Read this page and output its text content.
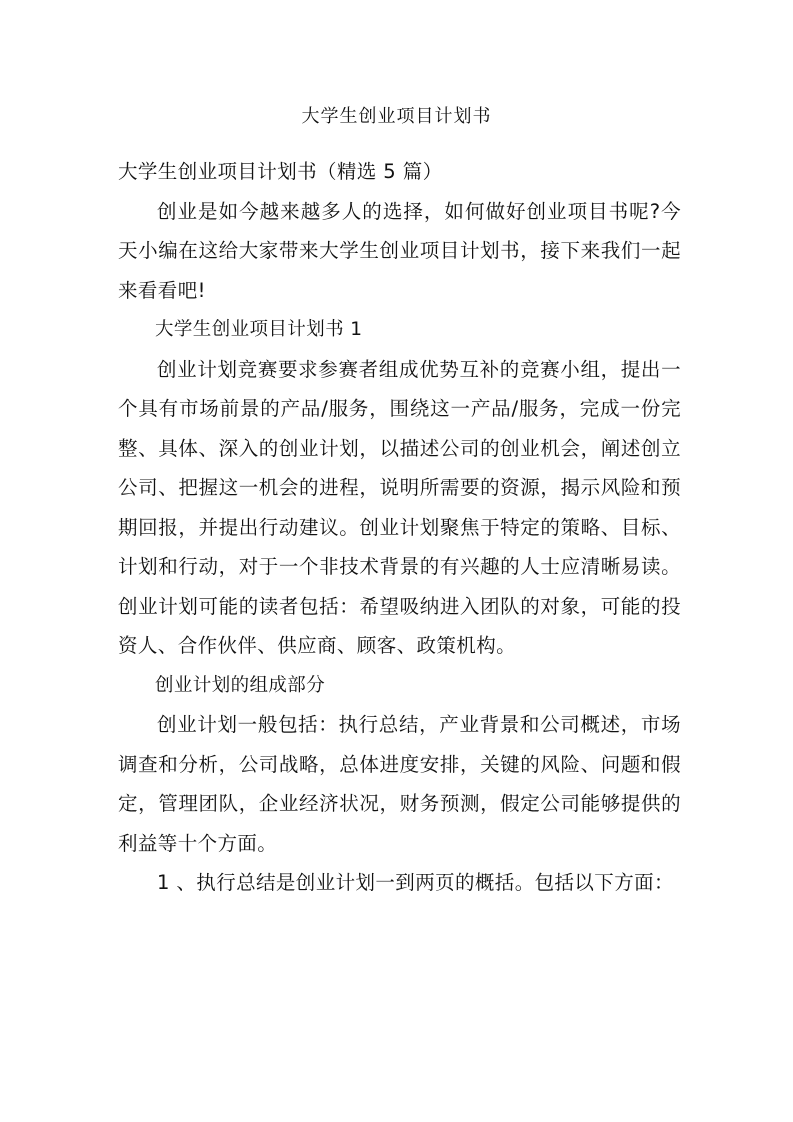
大学生创业项目计划书

大学生创业项目计划书（精选 5 篇）

创业是如今越来越多人的选择，如何做好创业项目书呢?今天小编在这给大家带来大学生创业项目计划书，接下来我们一起来看看吧!

大学生创业项目计划书 1

创业计划竞赛要求参赛者组成优势互补的竞赛小组，提出一个具有市场前景的产品/服务，围绕这一产品/服务，完成一份完整、具体、深入的创业计划，以描述公司的创业机会，阐述创立公司、把握这一机会的进程，说明所需要的资源，揭示风险和预期回报，并提出行动建议。创业计划聚焦于特定的策略、目标、计划和行动，对于一个非技术背景的有兴趣的人士应清晰易读。创业计划可能的读者包括：希望吸纳进入团队的对象，可能的投资人、合作伙伴、供应商、顾客、政策机构。

创业计划的组成部分

创业计划一般包括：执行总结，产业背景和公司概述，市场调查和分析，公司战略，总体进度安排，关键的风险、问题和假定，管理团队，企业经济状况，财务预测，假定公司能够提供的利益等十个方面。

1 、执行总结是创业计划一到两页的概括。包括以下方面：
